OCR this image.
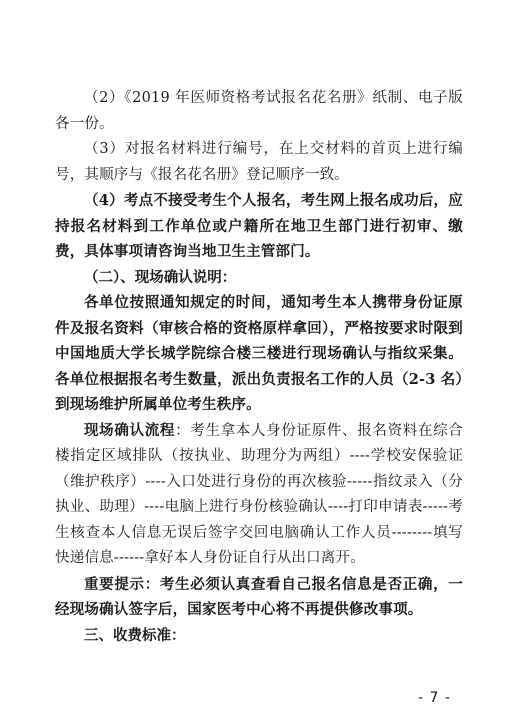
（2）《2019 年医师资格考试报名花名册》纸制、电子版各一份。

（3）对报名材料进行编号，在上交材料的首页上进行编号，其顺序与《报名花名册》登记顺序一致。

（4）考点不接受考生个人报名，考生网上报名成功后，应持报名材料到工作单位或户籍所在地卫生部门进行初审、缴费，具体事项请咨询当地卫生主管部门。

（二）、现场确认说明：

各单位按照通知规定的时间，通知考生本人携带身份证原件及报名资料（审核合格的资格原样拿回），严格按要求时限到中国地质大学长城学院综合楼三楼进行现场确认与指纹采集。各单位根据报名考生数量，派出负责报名工作的人员（2-3 名）到现场维护所属单位考生秩序。

现场确认流程：考生拿本人身份证原件、报名资料在综合楼指定区域排队（按执业、助理分为两组）----学校安保验证（维护秩序）----入口处进行身份的再次核验-----指纹录入（分执业、助理）----电脑上进行身份核验确认----打印申请表-----考生核查本人信息无误后签字交回电脑确认工作人员--------填写快递信息------拿好本人身份证自行从出口离开。

重要提示：考生必须认真查看自己报名信息是否正确，一经现场确认签字后，国家医考中心将不再提供修改事项。

三、收费标准：

- 7 -
